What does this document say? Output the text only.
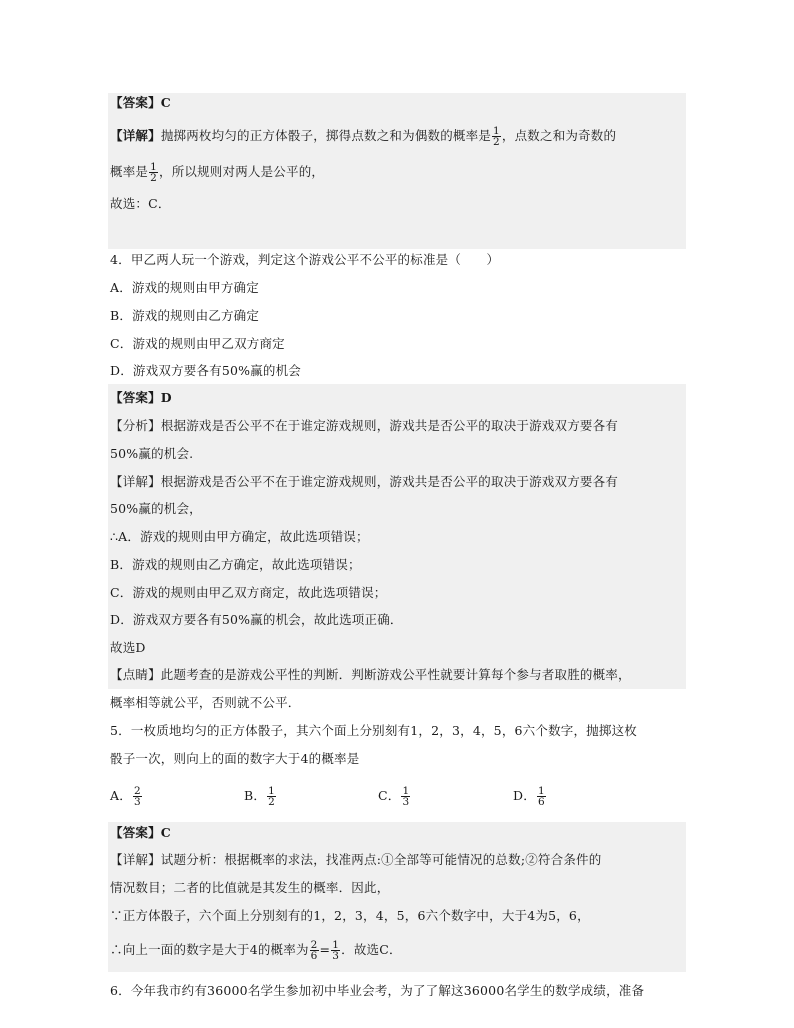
【答案】C
【详解】抛掷两枚均匀的正方体骰子，掷得点数之和为偶数的概率是 $\frac{1}{2}$ ，点数之和为奇数的
概率是 $\frac{1}{2}$ ，所以规则对两人是公平的，
故选：C．
4．甲乙两人玩一个游戏，判定这个游戏公平不公平的标准是（　　）
A．游戏的规则由甲方确定
B．游戏的规则由乙方确定
C．游戏的规则由甲乙双方商定
D．游戏双方要各有50%赢的机会
【答案】D
【分析】根据游戏是否公平不在于谁定游戏规则，游戏共是否公平的取决于游戏双方要各有
50%赢的机会.
【详解】根据游戏是否公平不在于谁定游戏规则，游戏共是否公平的取决于游戏双方要各有
50%赢的机会，
∴A．游戏的规则由甲方确定，故此选项错误；
B．游戏的规则由乙方确定，故此选项错误；
C．游戏的规则由甲乙双方商定，故此选项错误；
D．游戏双方要各有50%赢的机会，故此选项正确．
故选D
【点睛】此题考查的是游戏公平性的判断．判断游戏公平性就要计算每个参与者取胜的概率，
概率相等就公平，否则就不公平．
5．一枚质地均匀的正方体骰子，其六个面上分别刻有1，2，3，4，5，6六个数字，抛掷这枚
骰子一次，则向上的面的数字大于4的概率是
A． $\frac{2}{3}$	B． $\frac{1}{2}$	C． $\frac{1}{3}$	D． $\frac{1}{6}$
【答案】C
【详解】试题分析：根据概率的求法，找准两点:①全部等可能情况的总数;②符合条件的
情况数目；二者的比值就是其发生的概率．因此，
∵正方体骰子，六个面上分别刻有的1，2，3，4，5，6六个数字中，大于4为5，6，
∴向上一面的数字是大于4的概率为 $\frac{2}{6} = \frac{1}{3}$ ．故选C．
6．今年我市约有36000名学生参加初中毕业会考，为了了解这36000名学生的数学成绩，准备
